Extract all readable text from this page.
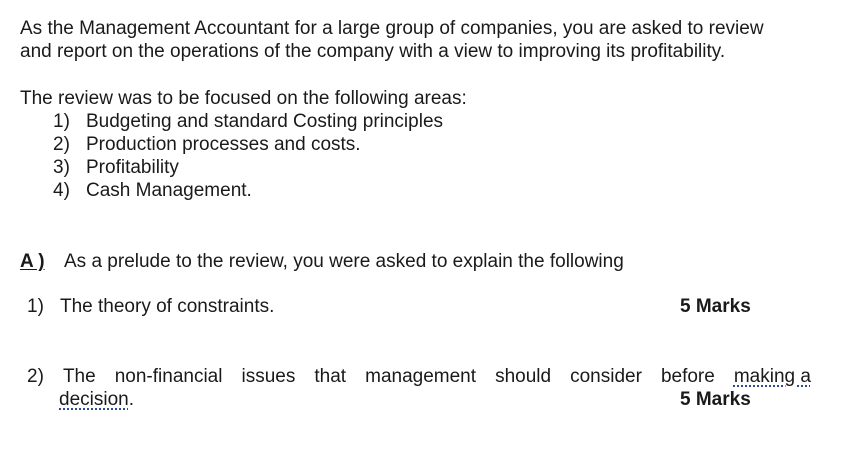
As the Management Accountant for a large group of companies, you are asked to review
and report on the operations of the company with a view to improving its profitability.
The review was to be focused on the following areas:
1) Budgeting and standard Costing principles
2) Production processes and costs.
3) Profitability
4) Cash Management.
A ) As a prelude to the review, you were asked to explain the following
1) The theory of constraints.	5 Marks
2) The non-financial issues that management should consider before making a
decision.	5 Marks
